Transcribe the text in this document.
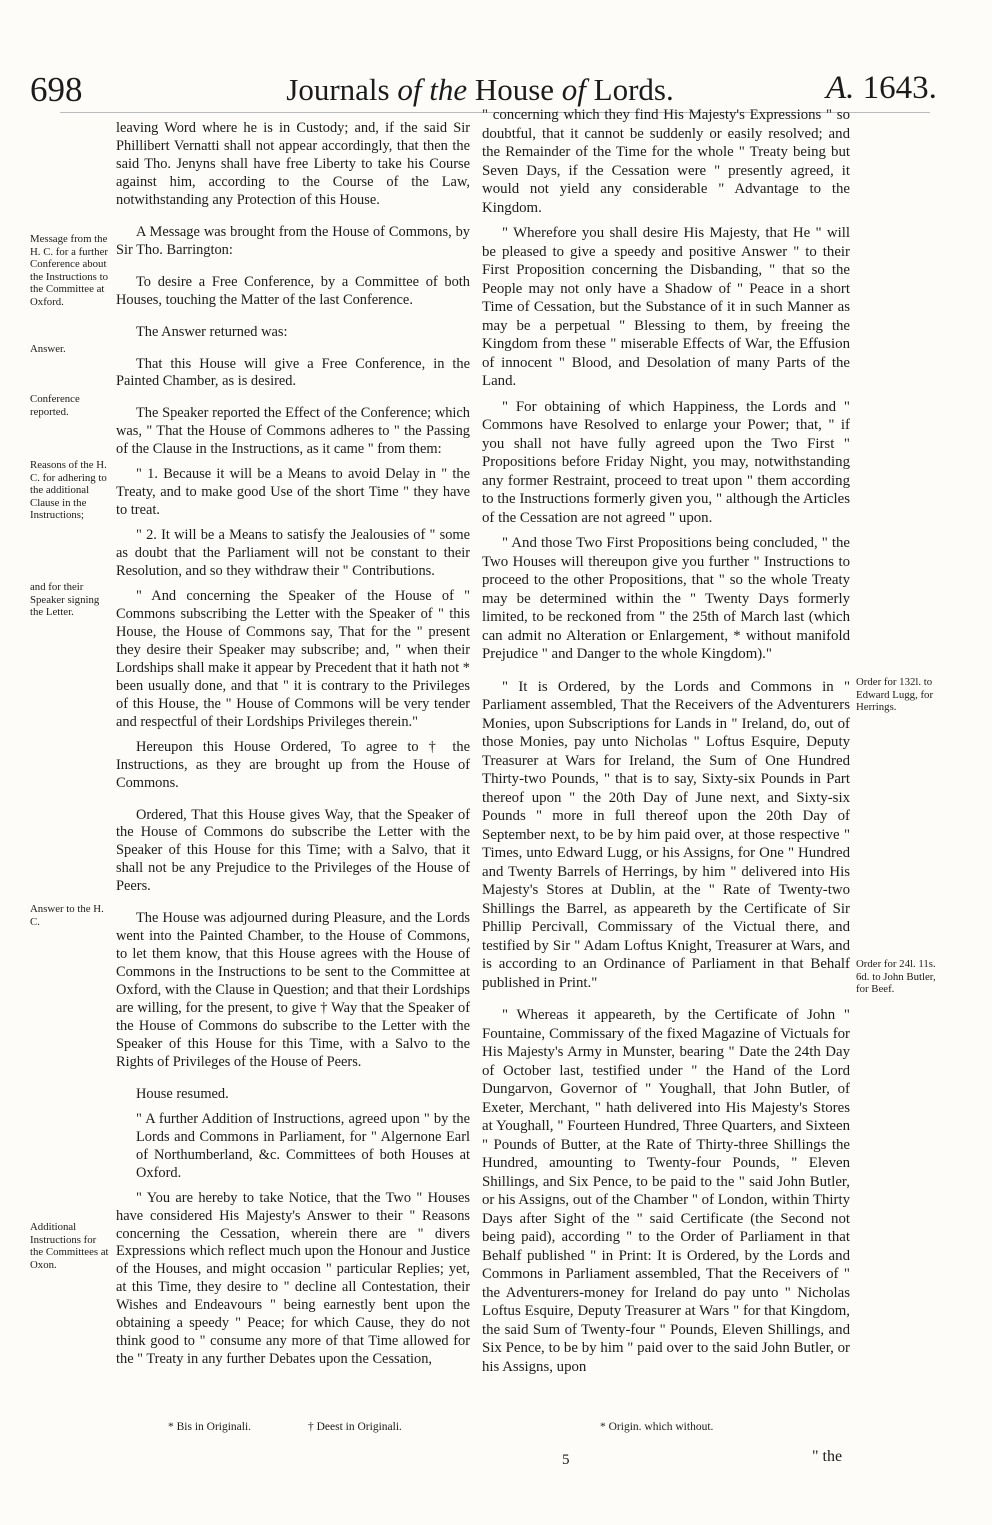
698	Journals of the House of Lords.	A. 1643.
Message from the H. C. for a further Conference about the Instructions to the Committee at Oxford.
Answer.
Conference reported.
Reasons of the H. C. for adhering to the additional Clause in the Instructions;
and for their Speaker signing the Letter.
Answer to the H. C.
Additional Instructions for the Committees at Oxon.
Order for 132l. to Edward Lugg, for Herrings.
Order for 24l. 11s. 6d. to John Butler, for Beef.

leaving Word where he is in Custody; and, if the said Sir Phillibert Vernatti shall not appear accordingly, that then the said Tho. Jenyns shall have free Liberty to take his Course against him, according to the Course of the Law, notwithstanding any Protection of this House.

A Message was brought from the House of Commons, by Sir Tho. Barrington:

To desire a Free Conference, by a Committee of both Houses, touching the Matter of the last Conference.

The Answer returned was:

That this House will give a Free Conference, in the Painted Chamber, as is desired.

The Speaker reported the Effect of the Conference; which was, " That the House of Commons adheres to " the Passing of the Clause in the Instructions, as it came " from them:

" 1. Because it will be a Means to avoid Delay in " the Treaty, and to make good Use of the short Time " they have to treat.

" 2. It will be a Means to satisfy the Jealousies of " some as doubt that the Parliament will not be constant to their Resolution, and so they withdraw their " Contributions.

" And concerning the Speaker of the House of " Commons subscribing the Letter with the Speaker of " this House, the House of Commons say, That for the " present they desire their Speaker may subscribe; and, " when their Lordships shall make it appear by Precedent that it hath not * been usually done, and that " it is contrary to the Privileges of this House, the " House of Commons will be very tender and respectful of their Lordships Privileges therein."

Hereupon this House Ordered, To agree to † the Instructions, as they are brought up from the House of Commons.

Ordered, That this House gives Way, that the Speaker of the House of Commons do subscribe the Letter with the Speaker of this House for this Time; with a Salvo, that it shall not be any Prejudice to the Privileges of the House of Peers.

The House was adjourned during Pleasure, and the Lords went into the Painted Chamber, to the House of Commons, to let them know, that this House agrees with the House of Commons in the Instructions to be sent to the Committee at Oxford, with the Clause in Question; and that their Lordships are willing, for the present, to give † Way that the Speaker of the House of Commons do subscribe to the Letter with the Speaker of this House for this Time, with a Salvo to the Rights of Privileges of the House of Peers.

House resumed.

" A further Addition of Instructions, agreed upon " by the Lords and Commons in Parliament, for " Algernone Earl of Northumberland, &c. Committees of both Houses at Oxford.

" You are hereby to take Notice, that the Two " Houses have considered His Majesty's Answer to their " Reasons concerning the Cessation, wherein there are " divers Expressions which reflect much upon the Honour and Justice of the Houses, and might occasion " particular Replies; yet, at this Time, they desire to " decline all Contestation, their Wishes and Endeavours " being earnestly bent upon the obtaining a speedy " Peace; for which Cause, they do not think good to " consume any more of that Time allowed for the " Treaty in any further Debates upon the Cessation,

" concerning which they find His Majesty's Expressions " so doubtful, that it cannot be suddenly or easily resolved; and the Remainder of the Time for the whole " Treaty being but Seven Days, if the Cessation were " presently agreed, it would not yield any considerable " Advantage to the Kingdom.

" Wherefore you shall desire His Majesty, that He " will be pleased to give a speedy and positive Answer " to their First Proposition concerning the Disbanding, " that so the People may not only have a Shadow of " Peace in a short Time of Cessation, but the Substance of it in such Manner as may be a perpetual " Blessing to them, by freeing the Kingdom from these " miserable Effects of War, the Effusion of innocent " Blood, and Desolation of many Parts of the Land.

" For obtaining of which Happiness, the Lords and " Commons have Resolved to enlarge your Power; that, " if you shall not have fully agreed upon the Two First " Propositions before Friday Night, you may, notwithstanding any former Restraint, proceed to treat upon " them according to the Instructions formerly given you, " although the Articles of the Cessation are not agreed " upon.

" And those Two First Propositions being concluded, " the Two Houses will thereupon give you further " Instructions to proceed to the other Propositions, that " so the whole Treaty may be determined within the " Twenty Days formerly limited, to be reckoned from " the 25th of March last (which can admit no Alteration or Enlargement, * without manifold Prejudice " and Danger to the whole Kingdom)."

" It is Ordered, by the Lords and Commons in " Parliament assembled, That the Receivers of the Adventurers Monies, upon Subscriptions for Lands in " Ireland, do, out of those Monies, pay unto Nicholas " Loftus Esquire, Deputy Treasurer at Wars for Ireland, the Sum of One Hundred Thirty-two Pounds, " that is to say, Sixty-six Pounds in Part thereof upon " the 20th Day of June next, and Sixty-six Pounds " more in full thereof upon the 20th Day of September next, to be by him paid over, at those respective " Times, unto Edward Lugg, or his Assigns, for One " Hundred and Twenty Barrels of Herrings, by him " delivered into His Majesty's Stores at Dublin, at the " Rate of Twenty-two Shillings the Barrel, as appeareth by the Certificate of Sir Phillip Percivall, Commissary of the Victual there, and testified by Sir " Adam Loftus Knight, Treasurer at Wars, and is according to an Ordinance of Parliament in that Behalf published in Print."

" Whereas it appeareth, by the Certificate of John " Fountaine, Commissary of the fixed Magazine of Victuals for His Majesty's Army in Munster, bearing " Date the 24th Day of October last, testified under " the Hand of the Lord Dungarvon, Governor of " Youghall, that John Butler, of Exeter, Merchant, " hath delivered into His Majesty's Stores at Youghall, " Fourteen Hundred, Three Quarters, and Sixteen " Pounds of Butter, at the Rate of Thirty-three Shillings the Hundred, amounting to Twenty-four Pounds, " Eleven Shillings, and Six Pence, to be paid to the " said John Butler, or his Assigns, out of the Chamber " of London, within Thirty Days after Sight of the " said Certificate (the Second not being paid), according " to the Order of Parliament in that Behalf published " in Print: It is Ordered, by the Lords and Commons in Parliament assembled, That the Receivers of " the Adventurers-money for Ireland do pay unto " Nicholas Loftus Esquire, Deputy Treasurer at Wars " for that Kingdom, the said Sum of Twenty-four " Pounds, Eleven Shillings, and Six Pence, to be by him " paid over to the said John Butler, or his Assigns, upon

* Bis in Originali.	† Deest in Originali.	* Origin. which without.
5	" the
